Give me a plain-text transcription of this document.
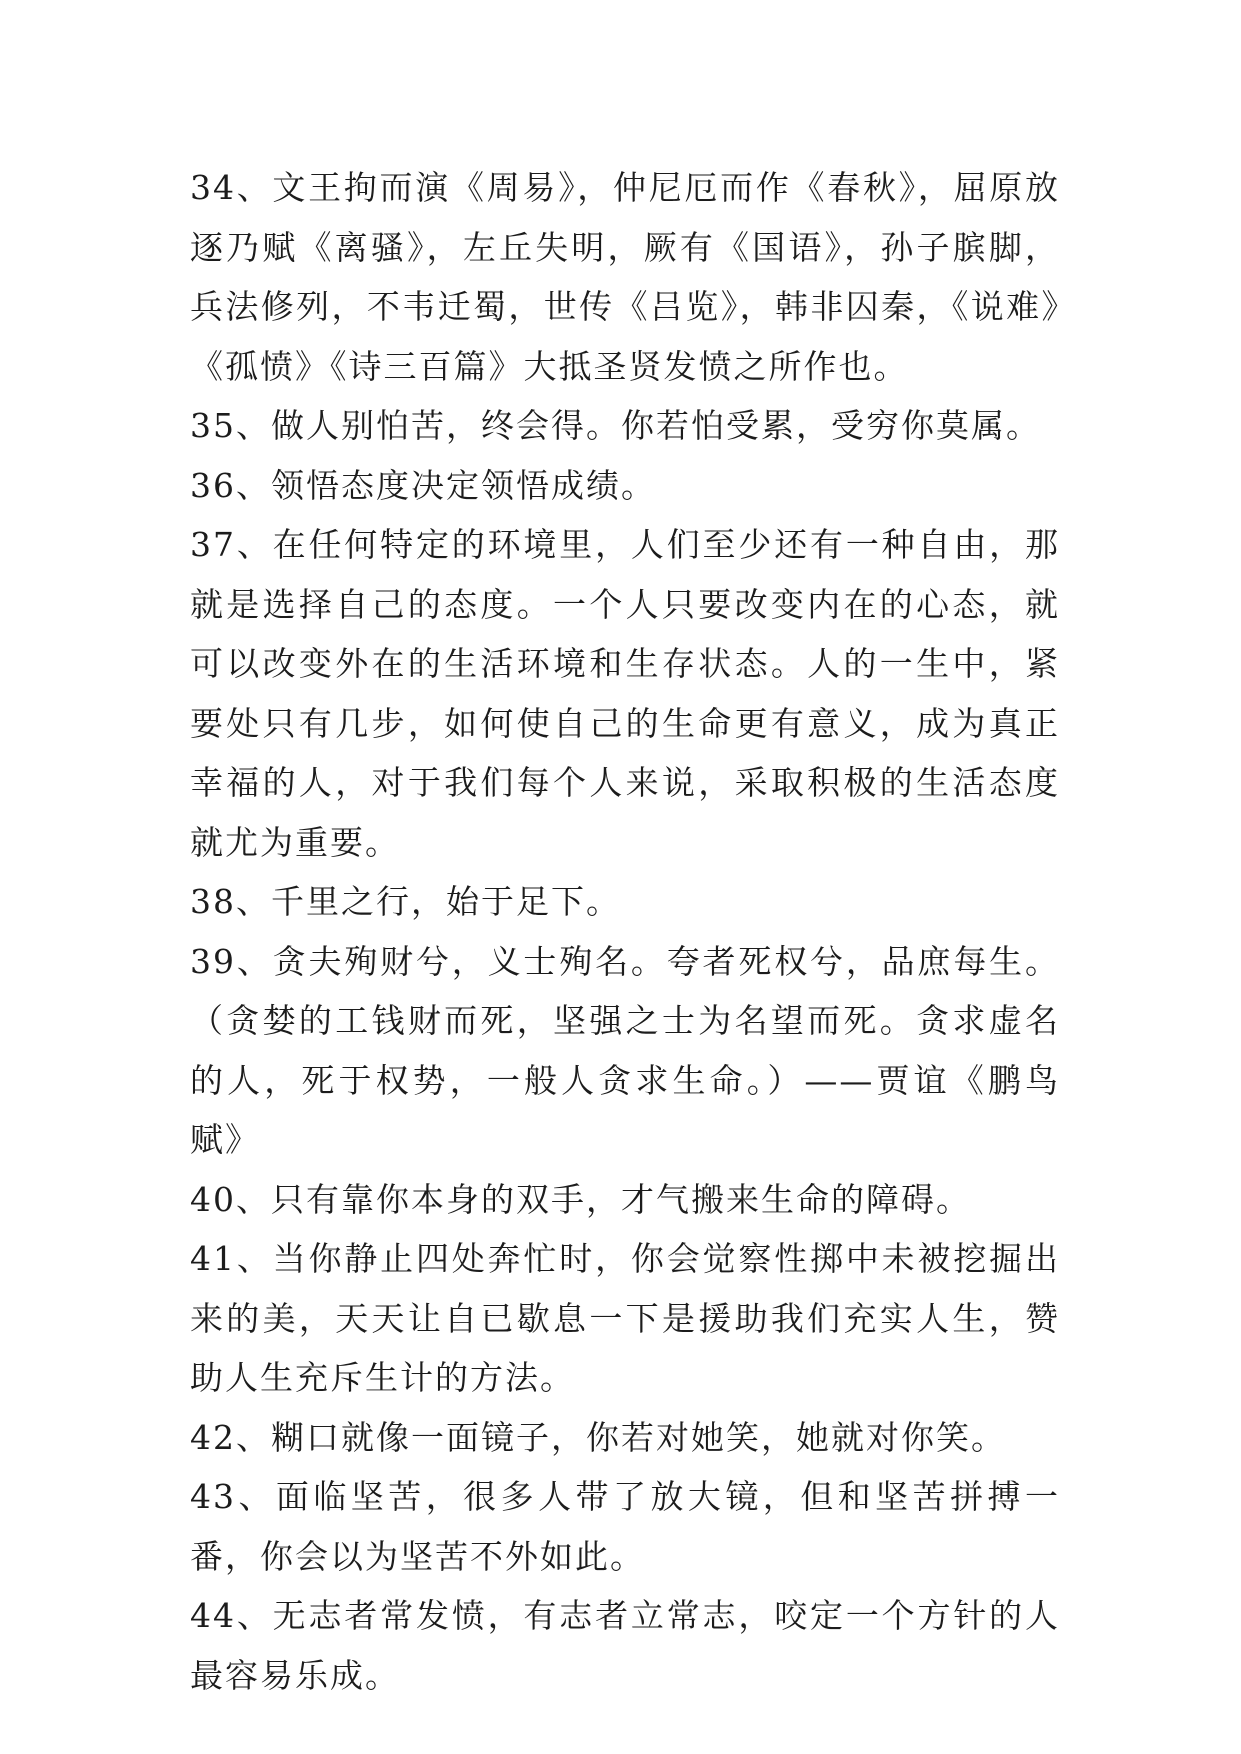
34、文王拘而演《周易》，仲尼厄而作《春秋》，屈原放逐乃赋《离骚》，左丘失明，厥有《国语》，孙子膑脚，兵法修列，不韦迁蜀，世传《吕览》，韩非囚秦，《说难》《孤愤》《诗三百篇》大抵圣贤发愤之所作也。

35、做人别怕苦，终会得。你若怕受累，受穷你莫属。

36、领悟态度决定领悟成绩。

37、在任何特定的环境里，人们至少还有一种自由，那就是选择自己的态度。一个人只要改变内在的心态，就可以改变外在的生活环境和生存状态。人的一生中，紧要处只有几步，如何使自己的生命更有意义，成为真正幸福的人，对于我们每个人来说，采取积极的生活态度就尤为重要。

38、千里之行，始于足下。

39、贪夫殉财兮，义士殉名。夸者死权兮，品庶每生。（贪婪的工钱财而死，坚强之士为名望而死。贪求虚名的人，死于权势，一般人贪求生命。）——贾谊《鹏鸟赋》

40、只有靠你本身的双手，才气搬来生命的障碍。

41、当你静止四处奔忙时，你会觉察性掷中未被挖掘出来的美，天天让自已歇息一下是援助我们充实人生，赞助人生充斥生计的方法。

42、糊口就像一面镜子，你若对她笑，她就对你笑。

43、面临坚苦，很多人带了放大镜，但和坚苦拼搏一番，你会以为坚苦不外如此。

44、无志者常发愤，有志者立常志，咬定一个方针的人最容易乐成。
